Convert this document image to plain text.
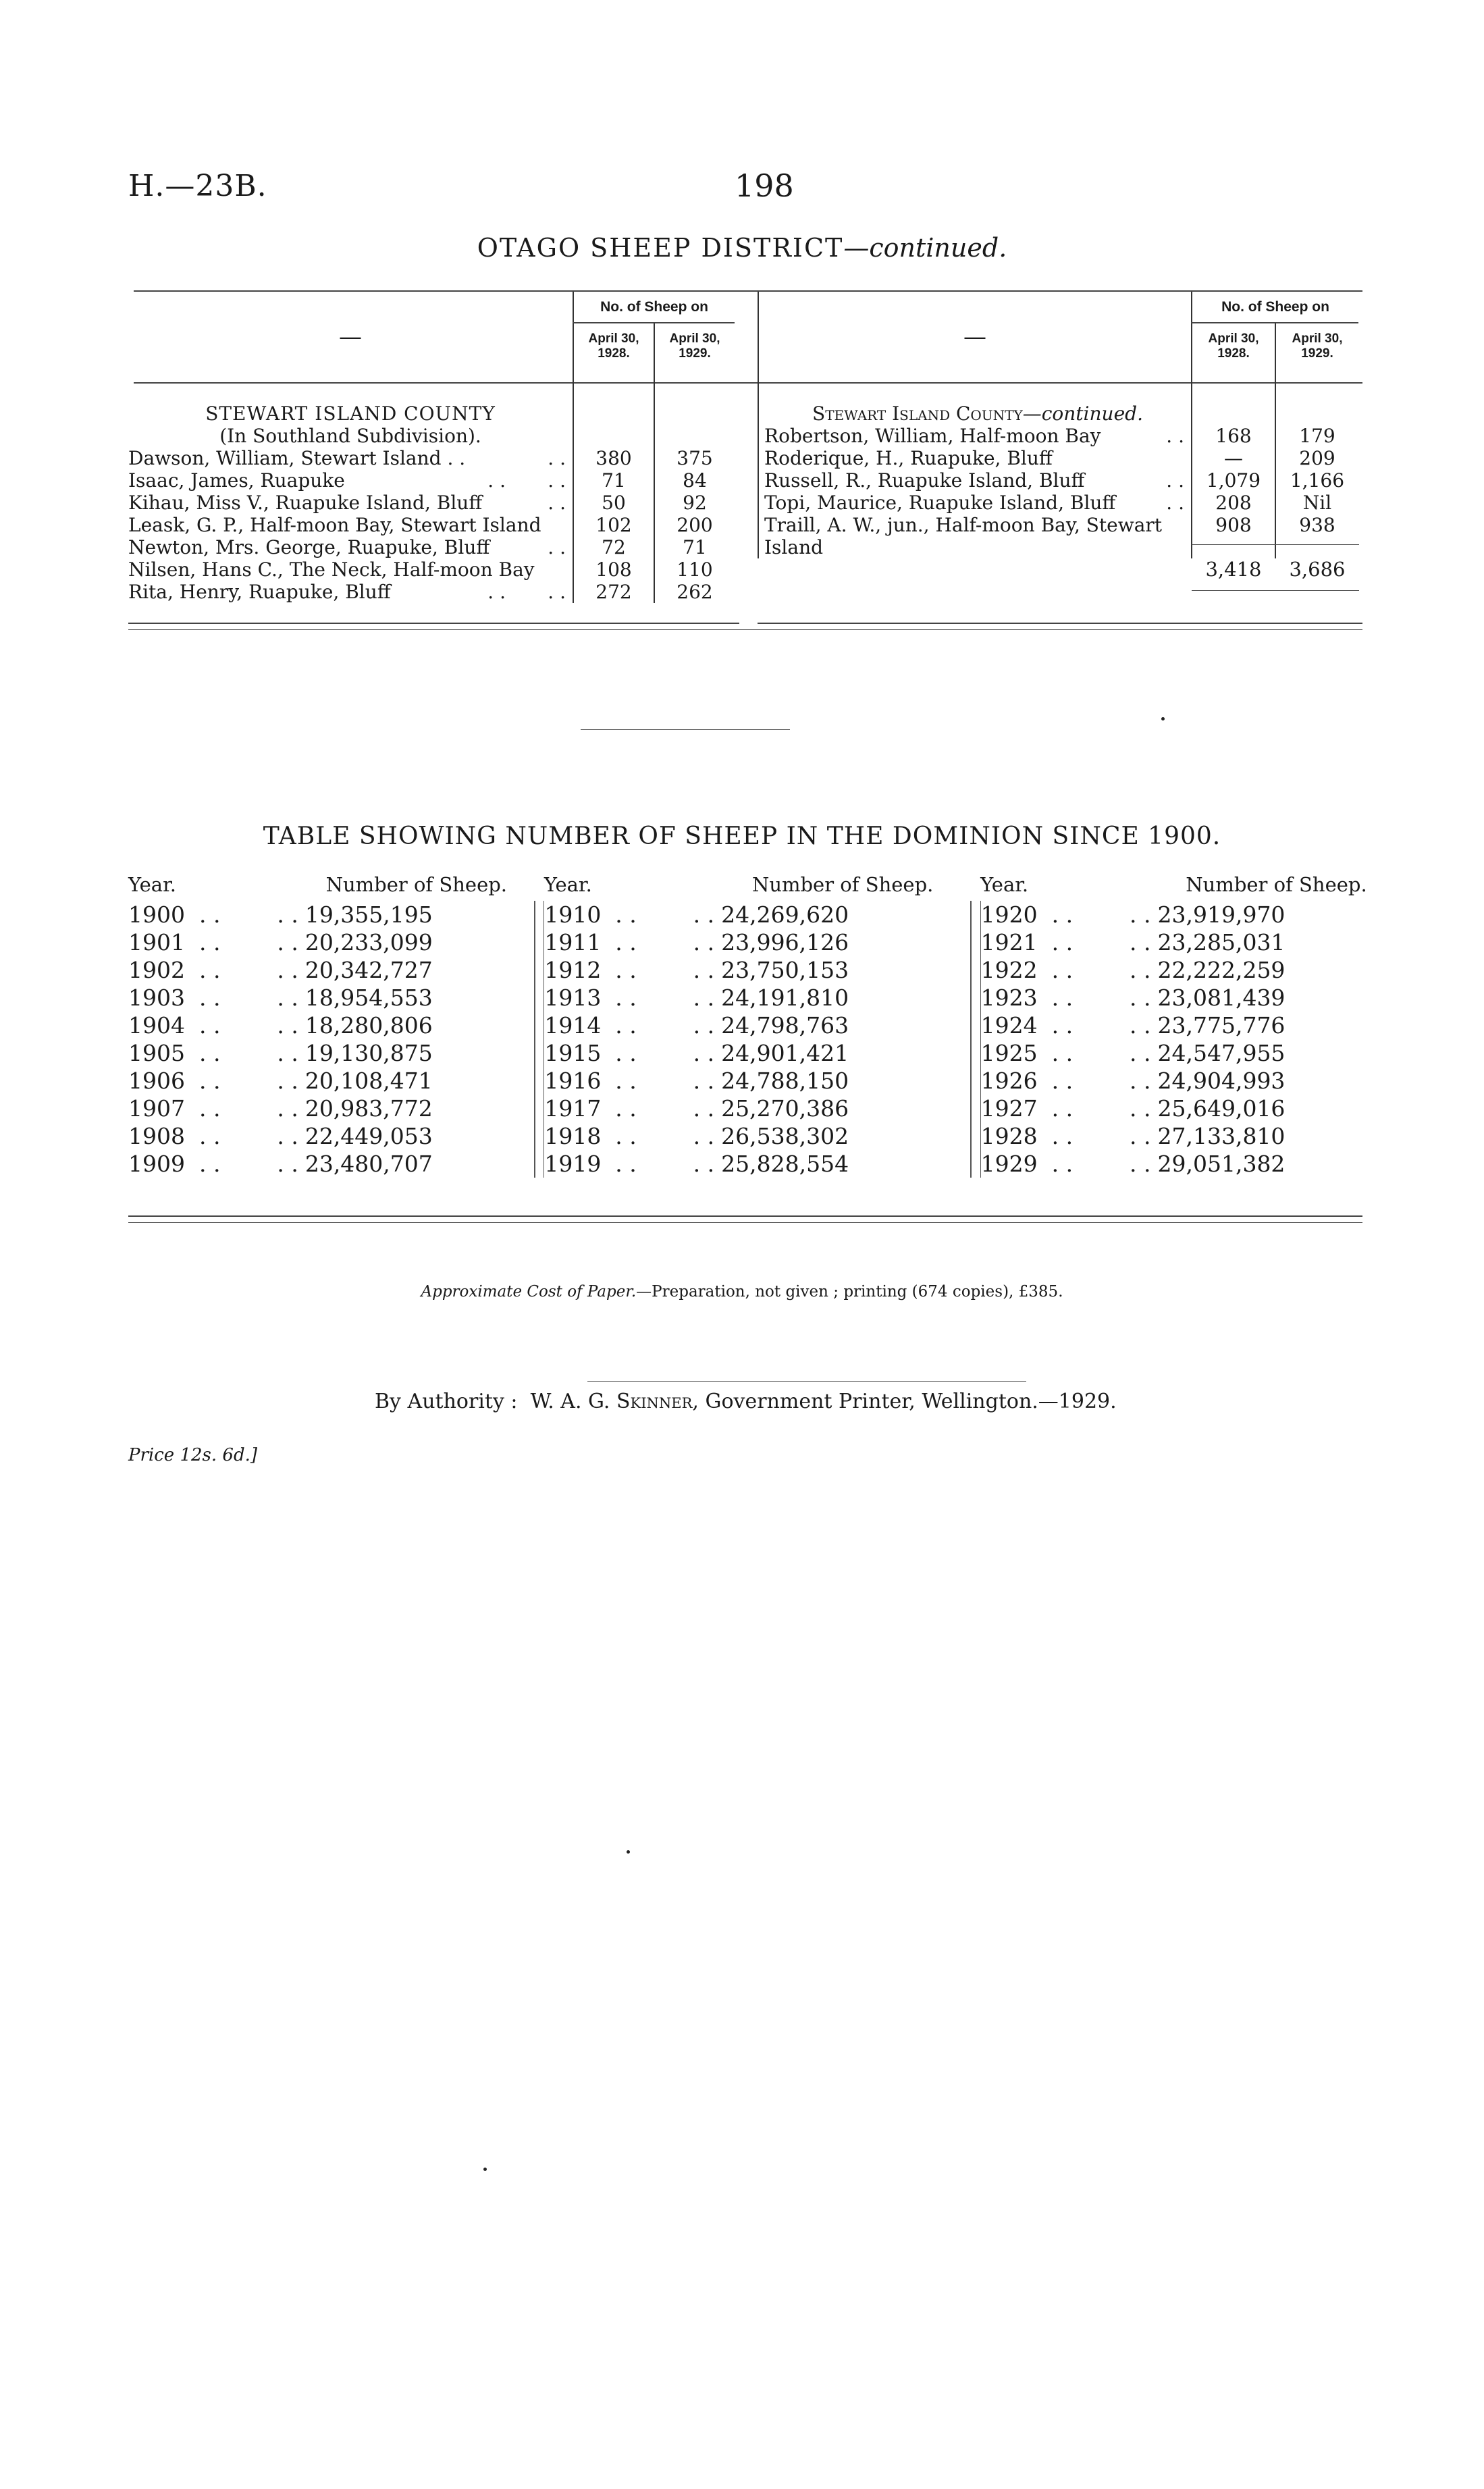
H.—23B.	198
OTAGO SHEEP DISTRICT—continued.
—	No. of Sheep on	
	April 30,
1928.	April 30,
1929.

STEWART ISLAND COUNTY		
(In Southland Subdivision).		
Dawson, William, Stewart Island . . . .	380	375
Isaac, James, Ruapuke . .       . .	71	84
Kihau, Miss V., Ruapuke Island, Bluff . .	50	92
Leask, G. P., Half-moon Bay, Stewart Island	102	200
Newton, Mrs. George, Ruapuke, Bluff . .	72	71
Nilsen, Hans C., The Neck, Half-moon Bay	108	110
Rita, Henry, Ruapuke, Bluff . .       . .	272	262
—	No. of Sheep on	
	April 30,
1928.	April 30,
1929.

Stewart Island County—continued.		
Robertson, William, Half-moon Bay . .	168	179
Roderique, H., Ruapuke, Bluff	—	209
Russell, R., Ruapuke Island, Bluff . .	1,079	1,166
Topi, Maurice, Ruapuke Island, Bluff . .	208	Nil
Traill, A. W., jun., Half-moon Bay, Stewart	908	938
Island		
3,418	3,686
TABLE SHOWING NUMBER OF SHEEP IN THE DOMINION SINCE 1900.
Year.	Number of Sheep.		Year.	Number of Sheep.		Year.	Number of Sheep.
1900  . .        . .	19,355,195		1910  . .        . .	24,269,620		1920  . .        . .	23,919,970
1901  . .        . .	20,233,099		1911  . .        . .	23,996,126		1921  . .        . .	23,285,031
1902  . .        . .	20,342,727		1912  . .        . .	23,750,153		1922  . .        . .	22,222,259
1903  . .        . .	18,954,553		1913  . .        . .	24,191,810		1923  . .        . .	23,081,439
1904  . .        . .	18,280,806		1914  . .        . .	24,798,763		1924  . .        . .	23,775,776
1905  . .        . .	19,130,875		1915  . .        . .	24,901,421		1925  . .        . .	24,547,955
1906  . .        . .	20,108,471		1916  . .        . .	24,788,150		1926  . .        . .	24,904,993
1907  . .        . .	20,983,772		1917  . .        . .	25,270,386		1927  . .        . .	25,649,016
1908  . .        . .	22,449,053		1918  . .        . .	26,538,302		1928  . .        . .	27,133,810
1909  . .        . .	23,480,707		1919  . .        . .	25,828,554		1929  . .        . .	29,051,382
Approximate Cost of Paper.—Preparation, not given ; printing (674 copies), £385.
By Authority : W. A. G. Skinner, Government Printer, Wellington.—1929.
Price 12s. 6d.]
